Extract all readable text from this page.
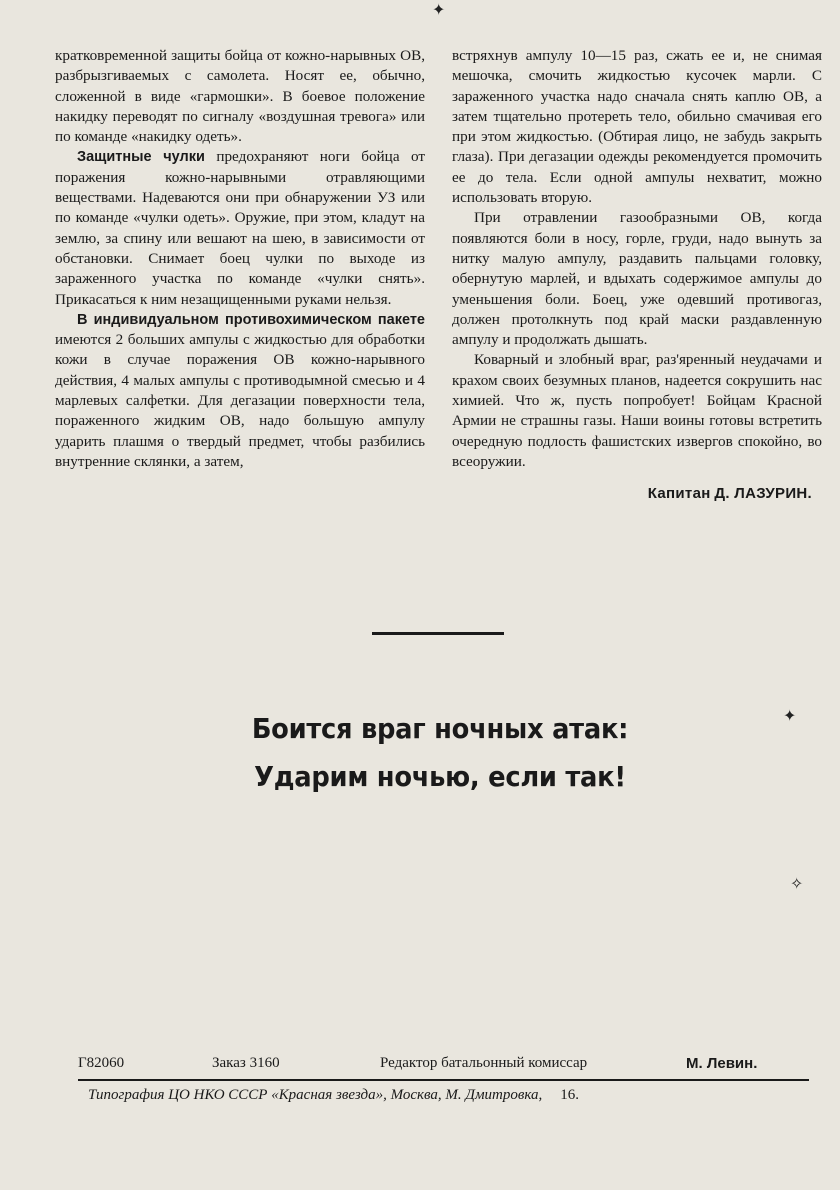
кратковременной защиты бойца от кожно-нарывных ОВ, разбрызгиваемых с самолета. Носят ее, обычно, сложенной в виде «гармошки». В боевое положение накидку переводят по сигналу «воздушная тревога» или по команде «накидку одеть».

Защитные чулки предохраняют ноги бойца от поражения кожно-нарывными отравляющими веществами. Надеваются они при обнаружении УЗ или по команде «чулки одеть». Оружие, при этом, кладут на землю, за спину или вешают на шею, в зависимости от обстановки. Снимает боец чулки по выходе из зараженного участка по команде «чулки снять». Прикасаться к ним незащищенными руками нельзя.

В индивидуальном противохимическом пакете имеются 2 больших ампулы с жидкостью для обработки кожи в случае поражения ОВ кожно-нарывного действия, 4 малых ампулы с противодымной смесью и 4 марлевых салфетки. Для дегазации поверхности тела, пораженного жидким ОВ, надо большую ампулу ударить плашмя о твердый предмет, чтобы разбились внутренние склянки, а затем,

встряхнув ампулу 10—15 раз, сжать ее и, не снимая мешочка, смочить жидкостью кусочек марли. С зараженного участка надо сначала снять каплю ОВ, а затем тщательно протереть тело, обильно смачивая его при этом жидкостью. (Обтирая лицо, не забудь закрыть глаза). При дегазации одежды рекомендуется промочить ее до тела. Если одной ампулы нехватит, можно использовать вторую.

При отравлении газообразными ОВ, когда появляются боли в носу, горле, груди, надо вынуть за нитку малую ампулу, раздавить пальцами головку, обернутую марлей, и вдыхать содержимое ампулы до уменьшения боли. Боец, уже одевший противогаз, должен протолкнуть под край маски раздавленную ампулу и продолжать дышать.

Коварный и злобный враг, раз'яренный неудачами и крахом своих безумных планов, надеется сокрушить нас химией. Что ж, пусть попробует! Бойцам Красной Армии не страшны газы. Наши воины готовы встретить очередную подлость фашистских извергов спокойно, во всеоружии.

Капитан Д. ЛАЗУРИН.

Боится враг ночных атак:
Ударим ночью, если так!
Г82060	Заказ 3160	Редактор батальонный комиссар	М. Левин.
Типография ЦО НКО СССР «Красная звезда», Москва, М. Дмитровка, 16.
✦
✦
✧
